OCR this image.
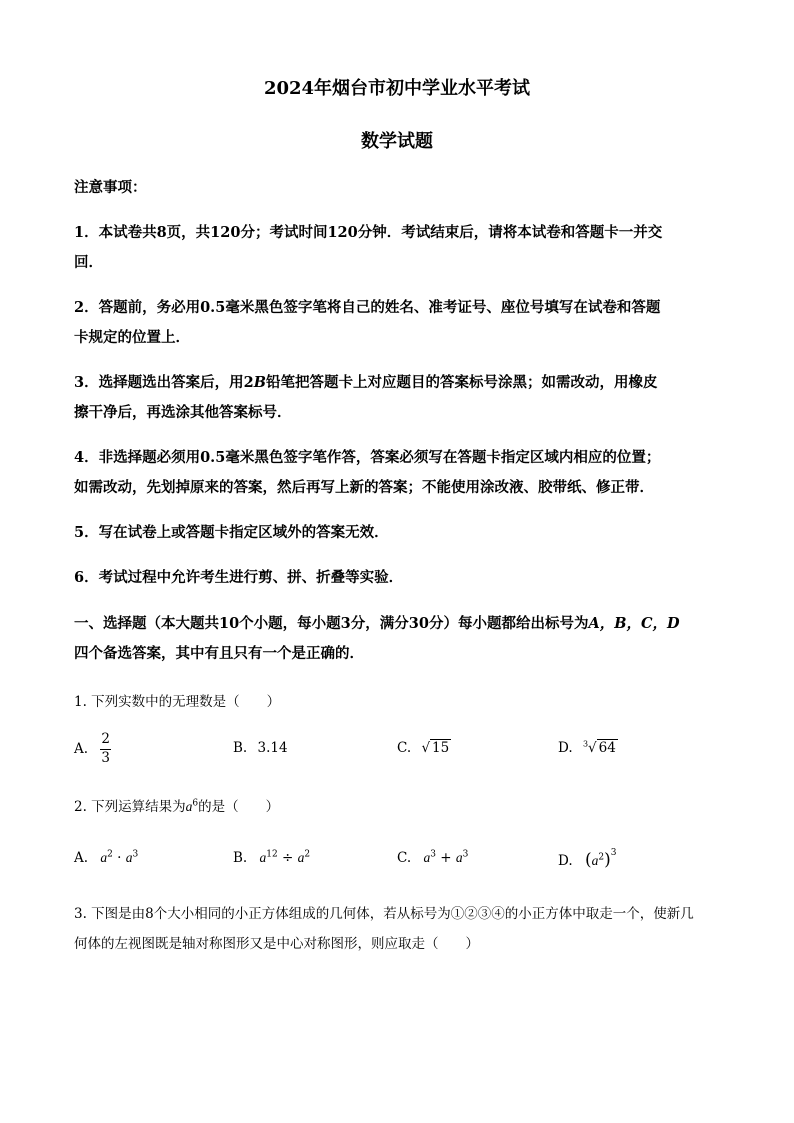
2024年烟台市初中学业水平考试
数学试题
注意事项：
1．本试卷共8页，共120分；考试时间120分钟．考试结束后，请将本试卷和答题卡一并交
回．
2．答题前，务必用0.5毫米黑色签字笔将自己的姓名、准考证号、座位号填写在试卷和答题
卡规定的位置上．
3．选择题选出答案后，用2B铅笔把答题卡上对应题目的答案标号涂黑；如需改动，用橡皮
擦干净后，再选涂其他答案标号．
4．非选择题必须用0.5毫米黑色签字笔作答，答案必须写在答题卡指定区域内相应的位置；
如需改动，先划掉原来的答案，然后再写上新的答案；不能使用涂改液、胶带纸、修正带．
5．写在试卷上或答题卡指定区域外的答案无效．
6．考试过程中允许考生进行剪、拼、折叠等实验．
一、选择题（本大题共10个小题，每小题3分，满分30分）每小题都给出标号为A，B，C，D
四个备选答案，其中有且只有一个是正确的．
1. 下列实数中的无理数是（　　）
A. $\frac{2}{3}$	B. 3.14	C. √ 15	D. $^3$√ 64
2. 下列运算结果为$a^6$的是（　　）
A. $a^2 \cdot a^3$	B. $a^{12} \div a^2$	C. $a^3 + a^3$	D. $(a^2)^3$
3. 下图是由8个大小相同的小正方体组成的几何体，若从标号为①②③④的小正方体中取走一个，使新几
何体的左视图既是轴对称图形又是中心对称图形，则应取走（　　）
